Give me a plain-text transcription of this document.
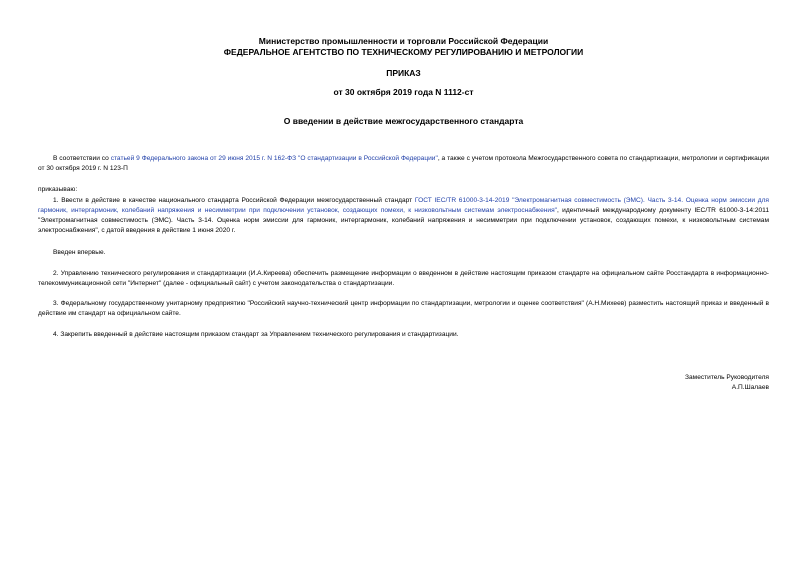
Министерство промышленности и торговли Российской Федерации
ФЕДЕРАЛЬНОЕ АГЕНТСТВО ПО ТЕХНИЧЕСКОМУ РЕГУЛИРОВАНИЮ И МЕТРОЛОГИИ
ПРИКАЗ
от 30 октября 2019 года N 1112-ст
О введении в действие межгосударственного стандарта

В соответствии со статьей 9 Федерального закона от 29 июня 2015 г. N 162-ФЗ "О стандартизации в Российской Федерации", а также с учетом протокола Межгосударственного совета по стандартизации, метрологии и сертификации от 30 октября 2019 г. N 123-П

приказываю:

1. Ввести в действие в качестве национального стандарта Российской Федерации межгосударственный стандарт ГОСТ IEC/TR 61000-3-14-2019 "Электромагнитная совместимость (ЭМС). Часть 3-14. Оценка норм эмиссии для гармоник, интергармоник, колебаний напряжения и несимметрии при подключении установок, создающих помехи, к низковольтным системам электроснабжения", идентичный международному документу IEC/TR 61000-3-14:2011 "Электромагнитная совместимость (ЭМС). Часть 3-14. Оценка норм эмиссии для гармоник, интергармоник, колебаний напряжения и несимметрии при подключении установок, создающих помехи, к низковольтным системам электроснабжения", с датой введения в действие 1 июня 2020 г.

Введен впервые.

2. Управлению технического регулирования и стандартизации (И.А.Киреева) обеспечить размещение информации о введенном в действие настоящим приказом стандарте на официальном сайте Росстандарта в информационно-телекоммуникационной сети "Интернет" (далее - официальный сайт) с учетом законодательства о стандартизации.

3. Федеральному государственному унитарному предприятию "Российский научно-технический центр информации по стандартизации, метрологии и оценке соответствия" (А.Н.Михеев) разместить настоящий приказ и введенный в действие им стандарт на официальном сайте.

4. Закрепить введенный в действие настоящим приказом стандарт за Управлением технического регулирования и стандартизации.

Заместитель Руководителя
А.П.Шалаев
